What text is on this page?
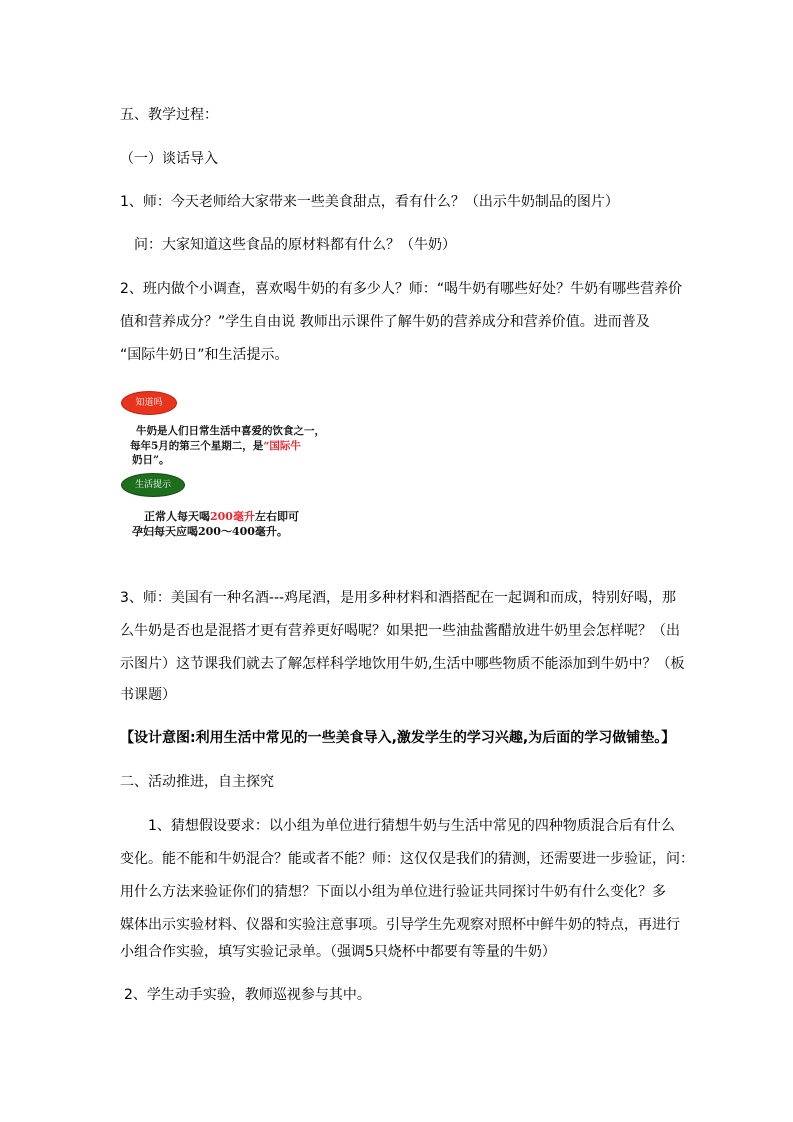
五、教学过程：
（一）谈话导入
1、师：今天老师给大家带来一些美食甜点，看有什么？（出示牛奶制品的图片）
问：大家知道这些食品的原材料都有什么？（牛奶）
2、班内做个小调查，喜欢喝牛奶的有多少人？师：“喝牛奶有哪些好处？牛奶有哪些营养价
值和营养成分？”学生自由说 教师出示课件了解牛奶的营养成分和营养价值。进而普及
“国际牛奶日”和生活提示。
知道吗
牛奶是人们日常生活中喜爱的饮食之一，
每年5月的第三个星期二，是“国际牛
奶日”。
生活提示
正常人每天喝200毫升左右即可
孕妇每天应喝200～400毫升。
3、师：美国有一种名酒---鸡尾酒，是用多种材料和酒搭配在一起调和而成，特别好喝，那
么牛奶是否也是混搭才更有营养更好喝呢？如果把一些油盐酱醋放进牛奶里会怎样呢？（出
示图片）这节课我们就去了解怎样科学地饮用牛奶,生活中哪些物质不能添加到牛奶中？（板
书课题）
【设计意图:利用生活中常见的一些美食导入,激发学生的学习兴趣,为后面的学习做铺垫。】
二、活动推进，自主探究
1、猜想假设要求：以小组为单位进行猜想牛奶与生活中常见的四种物质混合后有什么
变化。能不能和牛奶混合？能或者不能？师：这仅仅是我们的猜测，还需要进一步验证，问：
用什么方法来验证你们的猜想？下面以小组为单位进行验证共同探讨牛奶有什么变化？多
媒体出示实验材料、仪器和实验注意事项。引导学生先观察对照杯中鲜牛奶的特点，再进行
小组合作实验，填写实验记录单。（强调5只烧杯中都要有等量的牛奶）
2、学生动手实验，教师巡视参与其中。
